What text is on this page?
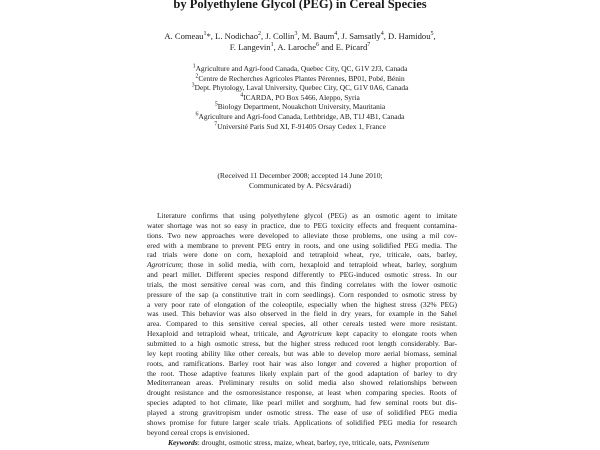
by Polyethylene Glycol (PEG) in Cereal Species
A. Comeau$^1$*, L. Nodichao$^2$, J. Collin$^3$, M. Baum$^4$, J. Samsatly$^4$, D. Hamidou$^5$,
F. Langevin$^1$, A. Laroche$^6$ and E. Picard$^7$
$^1$Agriculture and Agri-food Canada, Quebec City, QC, G1V 2J3, Canada
$^2$Centre de Recherches Agricoles Plantes Pérennes, BP01, Pobé, Bénin
$^3$Dept. Phytology, Laval University, Quebec City, QC, G1V 0A6, Canada
$^4$ICARDA, PO Box 5466, Aleppo, Syria
$^5$Biology Department, Nouakchott University, Mauritania
$^6$Agriculture and Agri-food Canada, Lethbridge, AB, T1J 4B1, Canada
$^7$Université Paris Sud XI, F-91405 Orsay Cedex 1, France
(Received 11 December 2008; accepted 14 June 2010;
Communicated by A. Pécsváradi)
Literature confirms that using polyethylene glycol (PEG) as an osmotic agent to imitate
water shortage was not so easy in practice, due to PEG toxicity effects and frequent contamina-
tions. Two new approaches were developed to alleviate those problems, one using a mil cov-
ered with a membrane to prevent PEG entry in roots, and one using solidified PEG media. The
rad trials were done on corn, hexaploid and tetraploid wheat, rye, triticale, oats, barley,
Agrotricum; those in solid media, with corn, hexaploid and tetraploid wheat, barley, sorghum
and pearl millet. Different species respond differently to PEG-induced osmotic stress. In our
trials, the most sensitive cereal was corn, and this finding correlates with the lower osmotic
pressure of the sap (a constitutive trait in corn seedlings). Corn responded to osmotic stress by
a very poor rate of elongation of the coleoptile, especially when the highest stress (32% PEG)
was used. This behavior was also observed in the field in dry years, for example in the Sahel
area. Compared to this sensitive cereal species, all other cereals tested were more resistant.
Hexaploid and tetraploid wheat, triticale, and Agrotricum kept capacity to elongate roots when
submitted to a high osmotic stress, but the higher stress reduced root length considerably. Bar-
ley kept rooting ability like other cereals, but was able to develop more aerial biomass, seminal
roots, and ramifications. Barley root hair was also longer and covered a higher proportion of
the root. Those adaptive features likely explain part of the good adaptation of barley to dry
Mediterranean areas. Preliminary results on solid media also showed relationships between
drought resistance and the osmoresistance response, at least when comparing species. Roots of
species adapted to hot climate, like pearl millet and sorghum, had few seminal roots but dis-
played a strong gravitropism under osmotic stress. The ease of use of solidified PEG media
shows promise for future larger scale trials. Applications of solidified PEG media for research
beyond cereal crops is envisioned.
Keywords: drought, osmotic stress, maize, wheat, barley, rye, triticale, oats, Pennisetum
